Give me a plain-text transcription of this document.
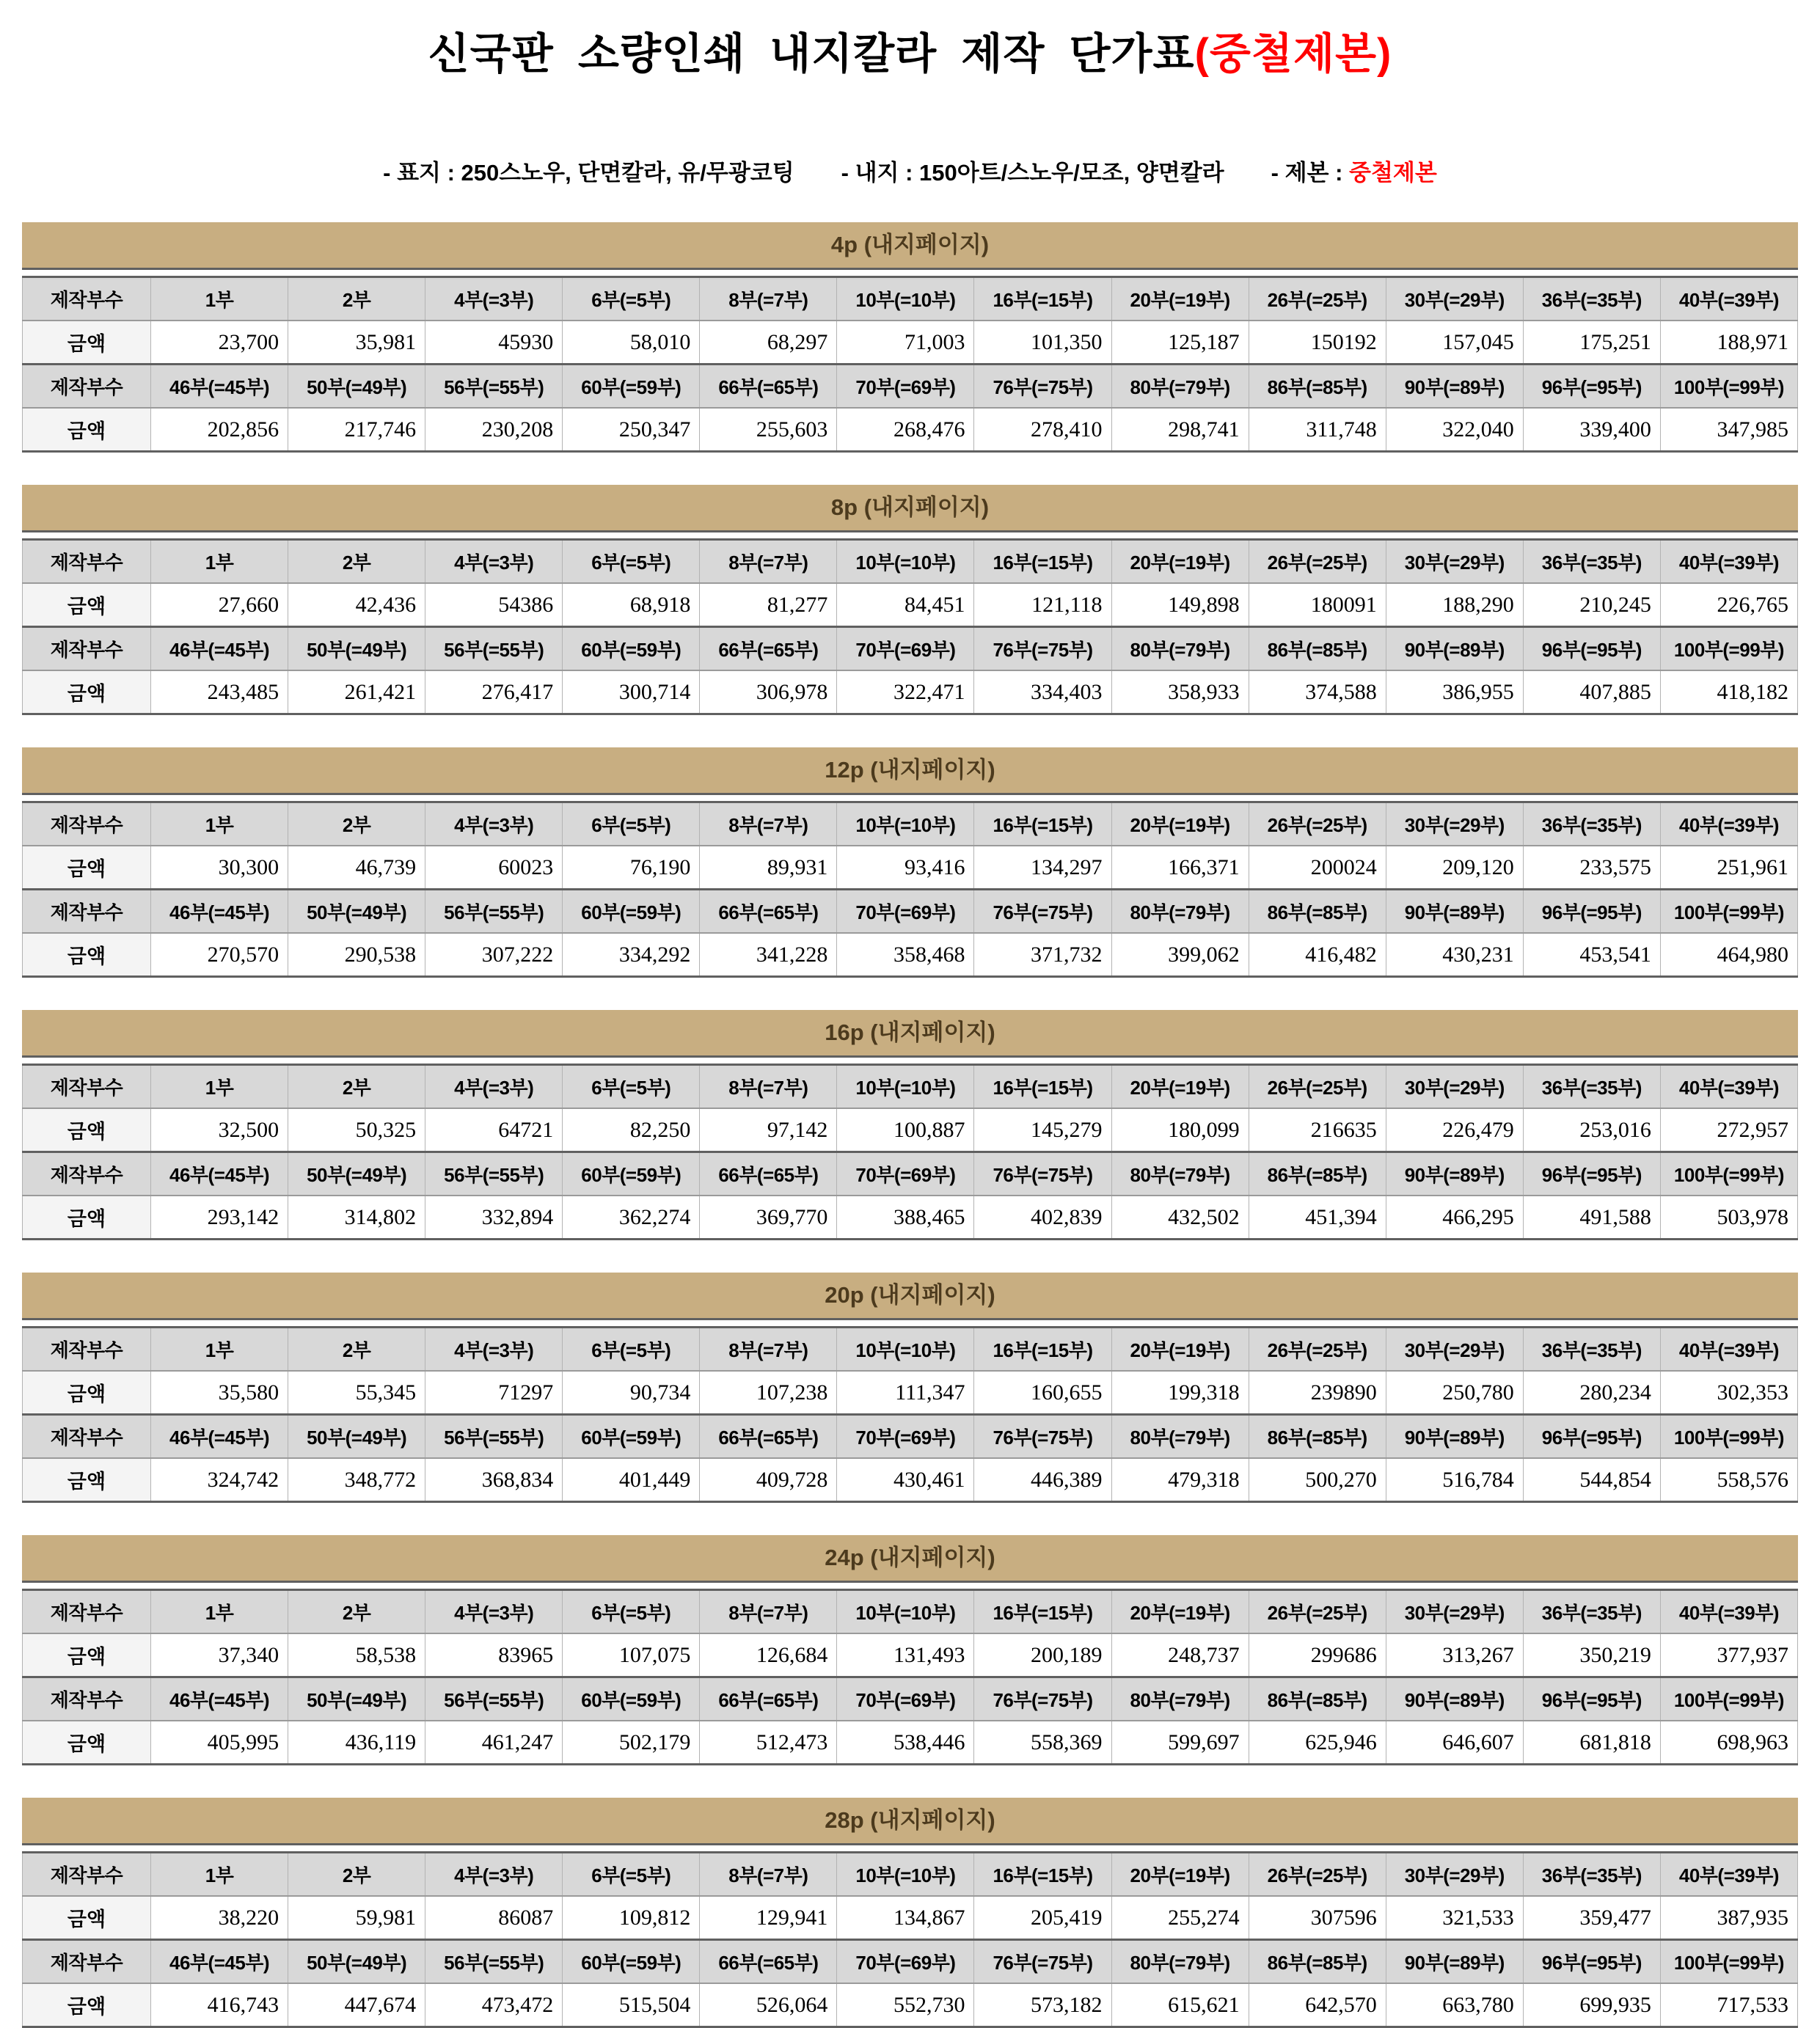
신국판 소량인쇄 내지칼라 제작 단가표(중철제본)
- 표지 : 250스노우, 단면칼라, 유/무광코팅 - 내지 : 150아트/스노우/모조, 양면칼라 - 제본 : 중철제본
4p (내지페이지)
제작부수	1부	2부	4부(=3부)	6부(=5부)	8부(=7부)	10부(=10부)	16부(=15부)	20부(=19부)	26부(=25부)	30부(=29부)	36부(=35부)	40부(=39부)
금액	23,700	35,981	45930	58,010	68,297	71,003	101,350	125,187	150192	157,045	175,251	188,971
제작부수	46부(=45부)	50부(=49부)	56부(=55부)	60부(=59부)	66부(=65부)	70부(=69부)	76부(=75부)	80부(=79부)	86부(=85부)	90부(=89부)	96부(=95부)	100부(=99부)
금액	202,856	217,746	230,208	250,347	255,603	268,476	278,410	298,741	311,748	322,040	339,400	347,985
8p (내지페이지)
제작부수	1부	2부	4부(=3부)	6부(=5부)	8부(=7부)	10부(=10부)	16부(=15부)	20부(=19부)	26부(=25부)	30부(=29부)	36부(=35부)	40부(=39부)
금액	27,660	42,436	54386	68,918	81,277	84,451	121,118	149,898	180091	188,290	210,245	226,765
제작부수	46부(=45부)	50부(=49부)	56부(=55부)	60부(=59부)	66부(=65부)	70부(=69부)	76부(=75부)	80부(=79부)	86부(=85부)	90부(=89부)	96부(=95부)	100부(=99부)
금액	243,485	261,421	276,417	300,714	306,978	322,471	334,403	358,933	374,588	386,955	407,885	418,182
12p (내지페이지)
제작부수	1부	2부	4부(=3부)	6부(=5부)	8부(=7부)	10부(=10부)	16부(=15부)	20부(=19부)	26부(=25부)	30부(=29부)	36부(=35부)	40부(=39부)
금액	30,300	46,739	60023	76,190	89,931	93,416	134,297	166,371	200024	209,120	233,575	251,961
제작부수	46부(=45부)	50부(=49부)	56부(=55부)	60부(=59부)	66부(=65부)	70부(=69부)	76부(=75부)	80부(=79부)	86부(=85부)	90부(=89부)	96부(=95부)	100부(=99부)
금액	270,570	290,538	307,222	334,292	341,228	358,468	371,732	399,062	416,482	430,231	453,541	464,980
16p (내지페이지)
제작부수	1부	2부	4부(=3부)	6부(=5부)	8부(=7부)	10부(=10부)	16부(=15부)	20부(=19부)	26부(=25부)	30부(=29부)	36부(=35부)	40부(=39부)
금액	32,500	50,325	64721	82,250	97,142	100,887	145,279	180,099	216635	226,479	253,016	272,957
제작부수	46부(=45부)	50부(=49부)	56부(=55부)	60부(=59부)	66부(=65부)	70부(=69부)	76부(=75부)	80부(=79부)	86부(=85부)	90부(=89부)	96부(=95부)	100부(=99부)
금액	293,142	314,802	332,894	362,274	369,770	388,465	402,839	432,502	451,394	466,295	491,588	503,978
20p (내지페이지)
제작부수	1부	2부	4부(=3부)	6부(=5부)	8부(=7부)	10부(=10부)	16부(=15부)	20부(=19부)	26부(=25부)	30부(=29부)	36부(=35부)	40부(=39부)
금액	35,580	55,345	71297	90,734	107,238	111,347	160,655	199,318	239890	250,780	280,234	302,353
제작부수	46부(=45부)	50부(=49부)	56부(=55부)	60부(=59부)	66부(=65부)	70부(=69부)	76부(=75부)	80부(=79부)	86부(=85부)	90부(=89부)	96부(=95부)	100부(=99부)
금액	324,742	348,772	368,834	401,449	409,728	430,461	446,389	479,318	500,270	516,784	544,854	558,576
24p (내지페이지)
제작부수	1부	2부	4부(=3부)	6부(=5부)	8부(=7부)	10부(=10부)	16부(=15부)	20부(=19부)	26부(=25부)	30부(=29부)	36부(=35부)	40부(=39부)
금액	37,340	58,538	83965	107,075	126,684	131,493	200,189	248,737	299686	313,267	350,219	377,937
제작부수	46부(=45부)	50부(=49부)	56부(=55부)	60부(=59부)	66부(=65부)	70부(=69부)	76부(=75부)	80부(=79부)	86부(=85부)	90부(=89부)	96부(=95부)	100부(=99부)
금액	405,995	436,119	461,247	502,179	512,473	538,446	558,369	599,697	625,946	646,607	681,818	698,963
28p (내지페이지)
제작부수	1부	2부	4부(=3부)	6부(=5부)	8부(=7부)	10부(=10부)	16부(=15부)	20부(=19부)	26부(=25부)	30부(=29부)	36부(=35부)	40부(=39부)
금액	38,220	59,981	86087	109,812	129,941	134,867	205,419	255,274	307596	321,533	359,477	387,935
제작부수	46부(=45부)	50부(=49부)	56부(=55부)	60부(=59부)	66부(=65부)	70부(=69부)	76부(=75부)	80부(=79부)	86부(=85부)	90부(=89부)	96부(=95부)	100부(=99부)
금액	416,743	447,674	473,472	515,504	526,064	552,730	573,182	615,621	642,570	663,780	699,935	717,533
